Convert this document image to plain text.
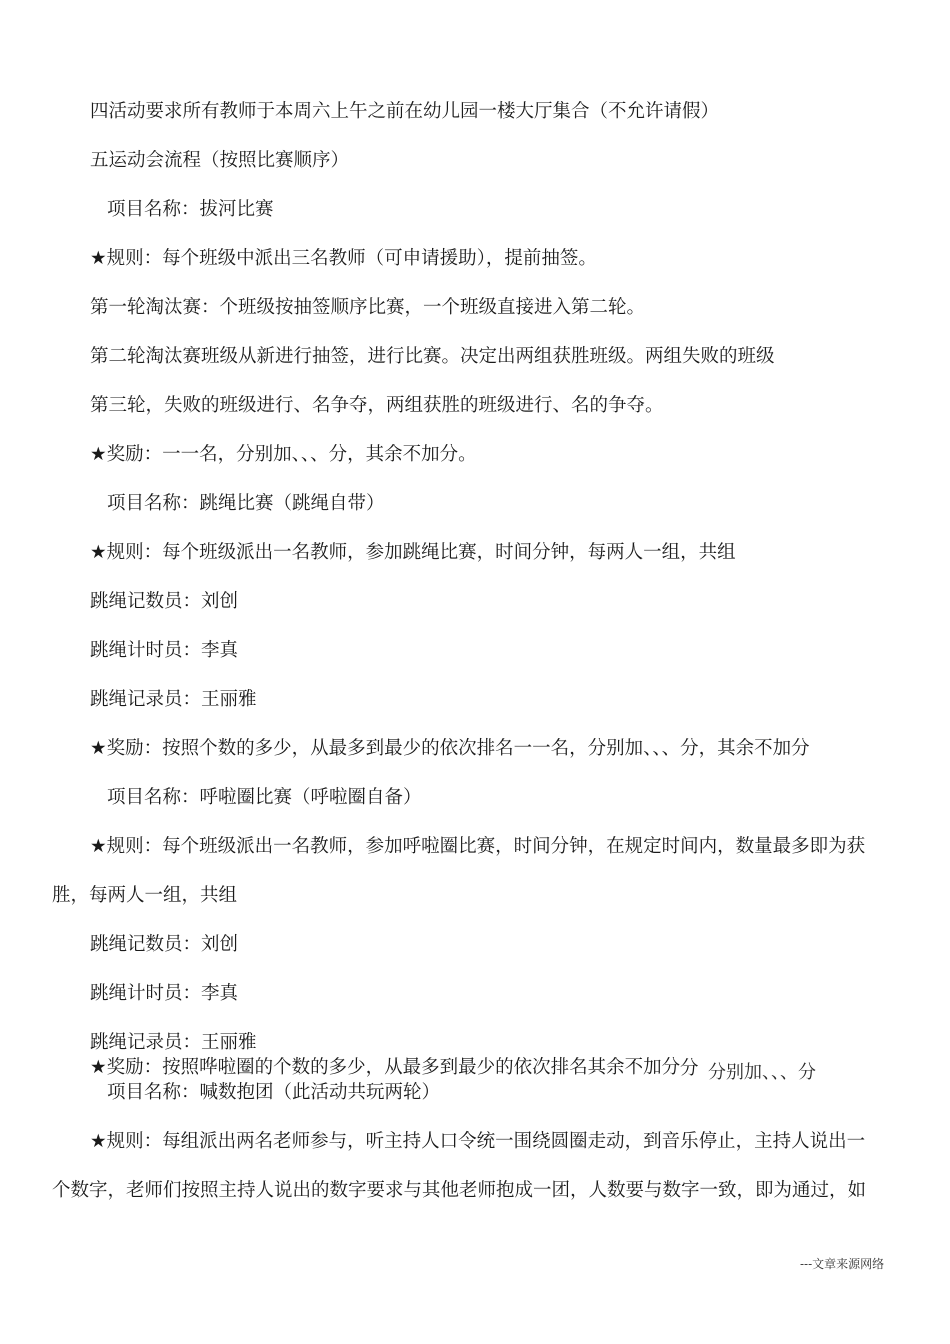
四活动要求所有教师于本周六上午之前在幼儿园一楼大厅集合（不允许请假）
五运动会流程（按照比赛顺序）
项目名称：拔河比赛
★规则：每个班级中派出三名教师（可申请援助），提前抽签。
第一轮淘汰赛：个班级按抽签顺序比赛，一个班级直接进入第二轮。
第二轮淘汰赛班级从新进行抽签，进行比赛。决定出两组获胜班级。两组失败的班级
第三轮，失败的班级进行、名争夺，两组获胜的班级进行、名的争夺。
★奖励：一一名，分别加、、、分，其余不加分。
项目名称：跳绳比赛（跳绳自带）
★规则：每个班级派出一名教师，参加跳绳比赛，时间分钟，每两人一组，共组
跳绳记数员：刘创
跳绳计时员：李真
跳绳记录员：王丽雅
★奖励：按照个数的多少，从最多到最少的依次排名一一名，分别加、、、分，其余不加分
项目名称：呼啦圈比赛（呼啦圈自备）
★规则：每个班级派出一名教师，参加呼啦圈比赛，时间分钟，在规定时间内，数量最多即为获
胜，每两人一组，共组
跳绳记数员：刘创
跳绳计时员：李真
跳绳记录员：王丽雅
★奖励：按照哗啦圈的个数的多少，从最多到最少的依次排名其余不加分 分 分别加、、、分
项目名称：喊数抱团（此活动共玩两轮）
★规则：每组派出两名老师参与，听主持人口令统一围绕圆圈走动，到音乐停止，主持人说出一
个数字，老师们按照主持人说出的数字要求与其他老师抱成一团，人数要与数字一致，即为通过，如
---文章来源网络
